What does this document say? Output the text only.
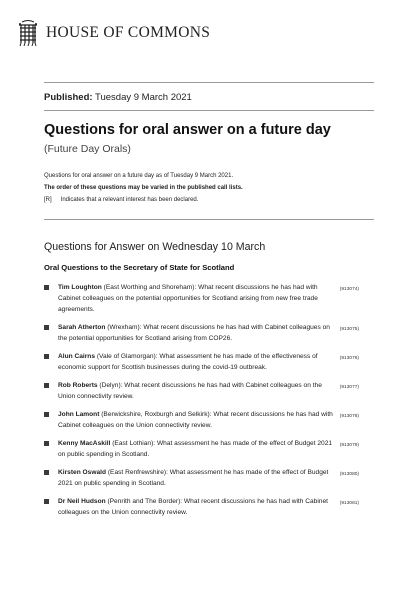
HOUSE OF COMMONS
Published: Tuesday 9 March 2021
Questions for oral answer on a future day
(Future Day Orals)
Questions for oral answer on a future day as of Tuesday 9 March 2021.
The order of these questions may be varied in the published call lists.
[R] Indicates that a relevant interest has been declared.
Questions for Answer on Wednesday 10 March
Oral Questions to the Secretary of State for Scotland
(913074)
Tim Loughton (East Worthing and Shoreham): What recent discussions he has had with Cabinet colleagues on the potential opportunities for Scotland arising from new free trade agreements.
(913075)
Sarah Atherton (Wrexham): What recent discussions he has had with Cabinet colleagues on the potential opportunities for Scotland arising from COP26.
(913076)
Alun Cairns (Vale of Glamorgan): What assessment he has made of the effectiveness of economic support for Scottish businesses during the covid-19 outbreak.
(913077)
Rob Roberts (Delyn): What recent discussions he has had with Cabinet colleagues on the Union connectivity review.
(913078)
John Lamont (Berwickshire, Roxburgh and Selkirk): What recent discussions he has had with Cabinet colleagues on the Union connectivity review.
(913079)
Kenny MacAskill (East Lothian): What assessment he has made of the effect of Budget 2021 on public spending in Scotland.
(913080)
Kirsten Oswald (East Renfrewshire): What assessment he has made of the effect of Budget 2021 on public spending in Scotland.
(913081)
Dr Neil Hudson (Penrith and The Border): What recent discussions he has had with Cabinet colleagues on the Union connectivity review.
